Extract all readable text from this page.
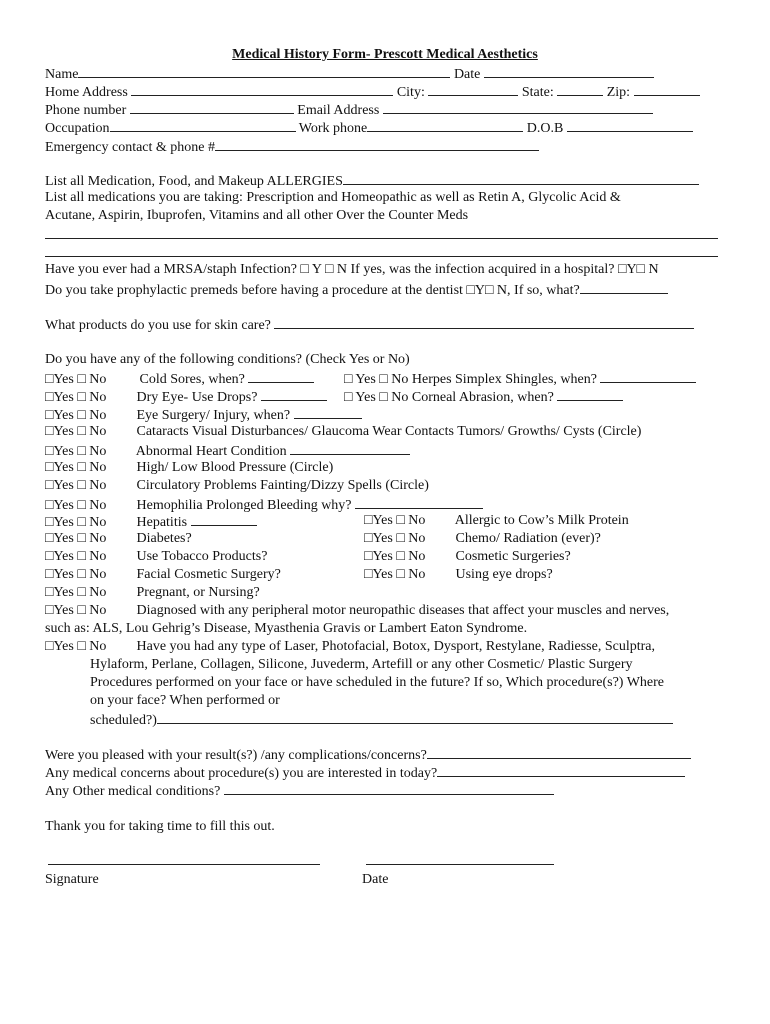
Medical History Form- Prescott Medical Aesthetics
Name	Date
Home Address	City:	State:	Zip:
Phone number	Email Address
Occupation	Work phone	D.O.B
Emergency contact & phone #
List all Medication, Food, and Makeup ALLERGIES
List all medications you are taking: Prescription and Homeopathic as well as Retin A, Glycolic Acid &
Acutane, Aspirin, Ibuprofen, Vitamins and all other Over the Counter Meds
Have you ever had a MRSA/staph Infection? □ Y □ N If yes, was the infection acquired in a hospital? □Y□ N
Do you take prophylactic premeds before having a procedure at the dentist □Y□ N, If so, what?
What products do you use for skin care?
Do you have any of the following conditions? (Check Yes or No)
□Yes □ No Cold Sores, when?	□ Yes □ No Herpes Simplex Shingles, when?
□Yes □ No Dry Eye- Use Drops?	□ Yes □ No Corneal Abrasion, when?
□Yes □ No Eye Surgery/ Injury, when?
□Yes □ No Cataracts Visual Disturbances/ Glaucoma Wear Contacts Tumors/ Growths/ Cysts (Circle)
□Yes □ No Abnormal Heart Condition
□Yes □ No High/ Low Blood Pressure (Circle)
□Yes □ No Circulatory Problems Fainting/Dizzy Spells (Circle)
□Yes □ No Hemophilia Prolonged Bleeding why?
□Yes □ No Hepatitis	□Yes □ No Allergic to Cow’s Milk Protein
□Yes □ No Diabetes?	□Yes □ No Chemo/ Radiation (ever)?
□Yes □ No Use Tobacco Products?	□Yes □ No Cosmetic Surgeries?
□Yes □ No Facial Cosmetic Surgery?	□Yes □ No Using eye drops?
□Yes □ No Pregnant, or Nursing?
□Yes □ No Diagnosed with any peripheral motor neuropathic diseases that affect your muscles and nerves,
such as: ALS, Lou Gehrig’s Disease, Myasthenia Gravis or Lambert Eaton Syndrome.
□Yes □ No Have you had any type of Laser, Photofacial, Botox, Dysport, Restylane, Radiesse, Sculptra,
Hylaform, Perlane, Collagen, Silicone, Juvederm, Artefill or any other Cosmetic/ Plastic Surgery
Procedures performed on your face or have scheduled in the future? If so, Which procedure(s?) Where
on your face? When performed or
scheduled?)
Were you pleased with your result(s?) /any complications/concerns?
Any medical concerns about procedure(s) you are interested in today?
Any Other medical conditions?
Thank you for taking time to fill this out.
Signature	Date
